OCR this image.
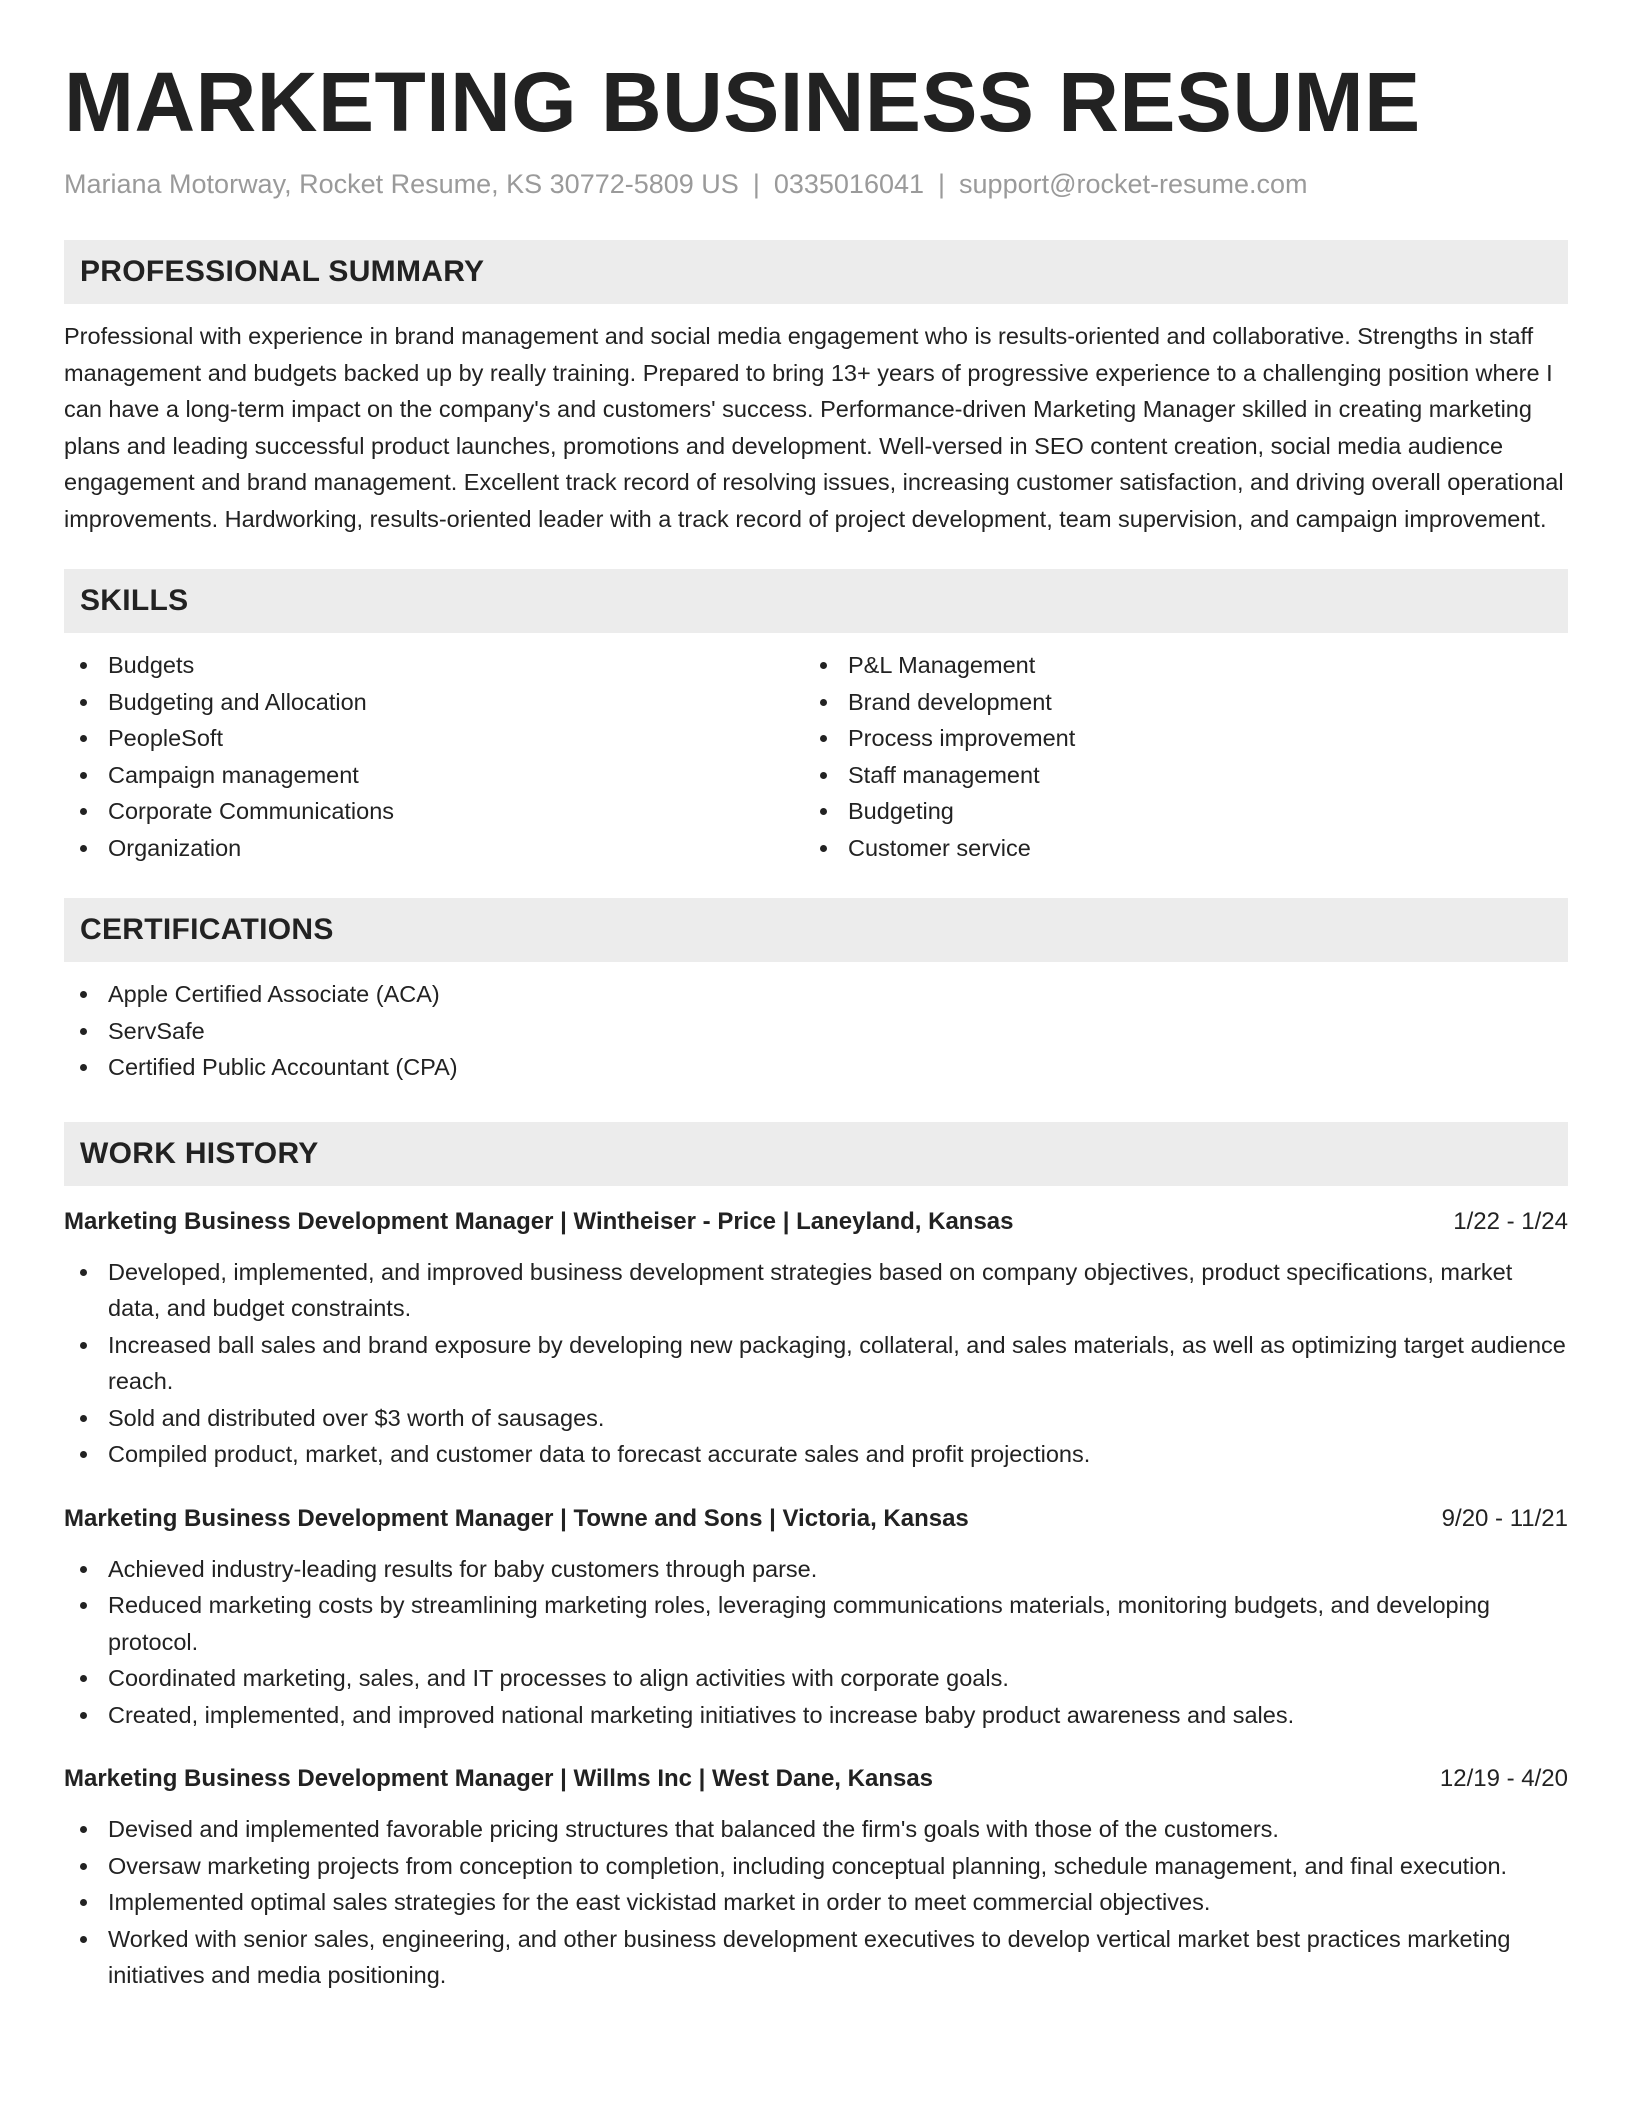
MARKETING BUSINESS RESUME
Mariana Motorway, Rocket Resume, KS 30772-5809 US | 0335016041 | support@rocket-resume.com
PROFESSIONAL SUMMARY

Professional with experience in brand management and social media engagement who is results-oriented and collaborative. Strengths in staff management and budgets backed up by really training. Prepared to bring 13+ years of progressive experience to a challenging position where I can have a long-term impact on the company's and customers' success. Performance-driven Marketing Manager skilled in creating marketing plans and leading successful product launches, promotions and development. Well-versed in SEO content creation, social media audience engagement and brand management. Excellent track record of resolving issues, increasing customer satisfaction, and driving overall operational improvements. Hardworking, results-oriented leader with a track record of project development, team supervision, and campaign improvement.

SKILLS
Budgets
Budgeting and Allocation
PeopleSoft
Campaign management
Corporate Communications
Organization
P&L Management
Brand development
Process improvement
Staff management
Budgeting
Customer service
CERTIFICATIONS
Apple Certified Associate (ACA)
ServSafe
Certified Public Accountant (CPA)
WORK HISTORY
Marketing Business Development Manager | Wintheiser - Price | Laneyland, Kansas	1/22 - 1/24
Developed, implemented, and improved business development strategies based on company objectives, product specifications, market data, and budget constraints.
Increased ball sales and brand exposure by developing new packaging, collateral, and sales materials, as well as optimizing target audience reach.
Sold and distributed over $3 worth of sausages.
Compiled product, market, and customer data to forecast accurate sales and profit projections.
Marketing Business Development Manager | Towne and Sons | Victoria, Kansas	9/20 - 11/21
Achieved industry-leading results for baby customers through parse.
Reduced marketing costs by streamlining marketing roles, leveraging communications materials, monitoring budgets, and developing protocol.
Coordinated marketing, sales, and IT processes to align activities with corporate goals.
Created, implemented, and improved national marketing initiatives to increase baby product awareness and sales.
Marketing Business Development Manager | Willms Inc | West Dane, Kansas	12/19 - 4/20
Devised and implemented favorable pricing structures that balanced the firm's goals with those of the customers.
Oversaw marketing projects from conception to completion, including conceptual planning, schedule management, and final execution.
Implemented optimal sales strategies for the east vickistad market in order to meet commercial objectives.
Worked with senior sales, engineering, and other business development executives to develop vertical market best practices marketing initiatives and media positioning.
